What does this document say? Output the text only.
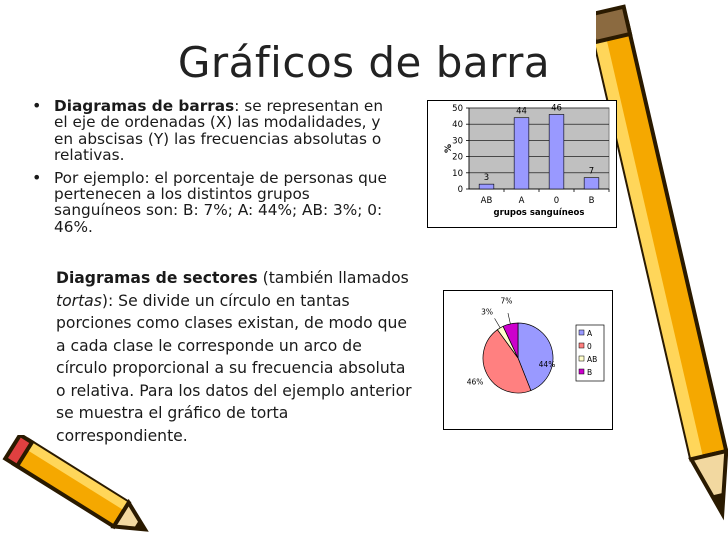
Gráficos de barra
• Diagramas de barras: se representan en el eje de ordenadas (X) las modalidades, y en abscisas (Y) las frecuencias absolutas o relativas.
• Por ejemplo: el porcentaje de personas que pertenecen a los distintos grupos sanguíneos son: B: 7%; A: 44%; AB: 3%; 0: 46%.
Diagramas de sectores (también llamados tortas): Se divide un círculo en tantas porciones como clases existan, de modo que a cada clase le corresponde un arco de círculo proporcional a su frecuencia absoluta o relativa. Para los datos del ejemplo anterior se muestra el gráfico de torta correspondiente.
0
10
20
30
40
50
3
AB
44
A
46
0
7
B
grupos sanguíneos
%
44%
46%
3%
7%
A
0
AB
B
